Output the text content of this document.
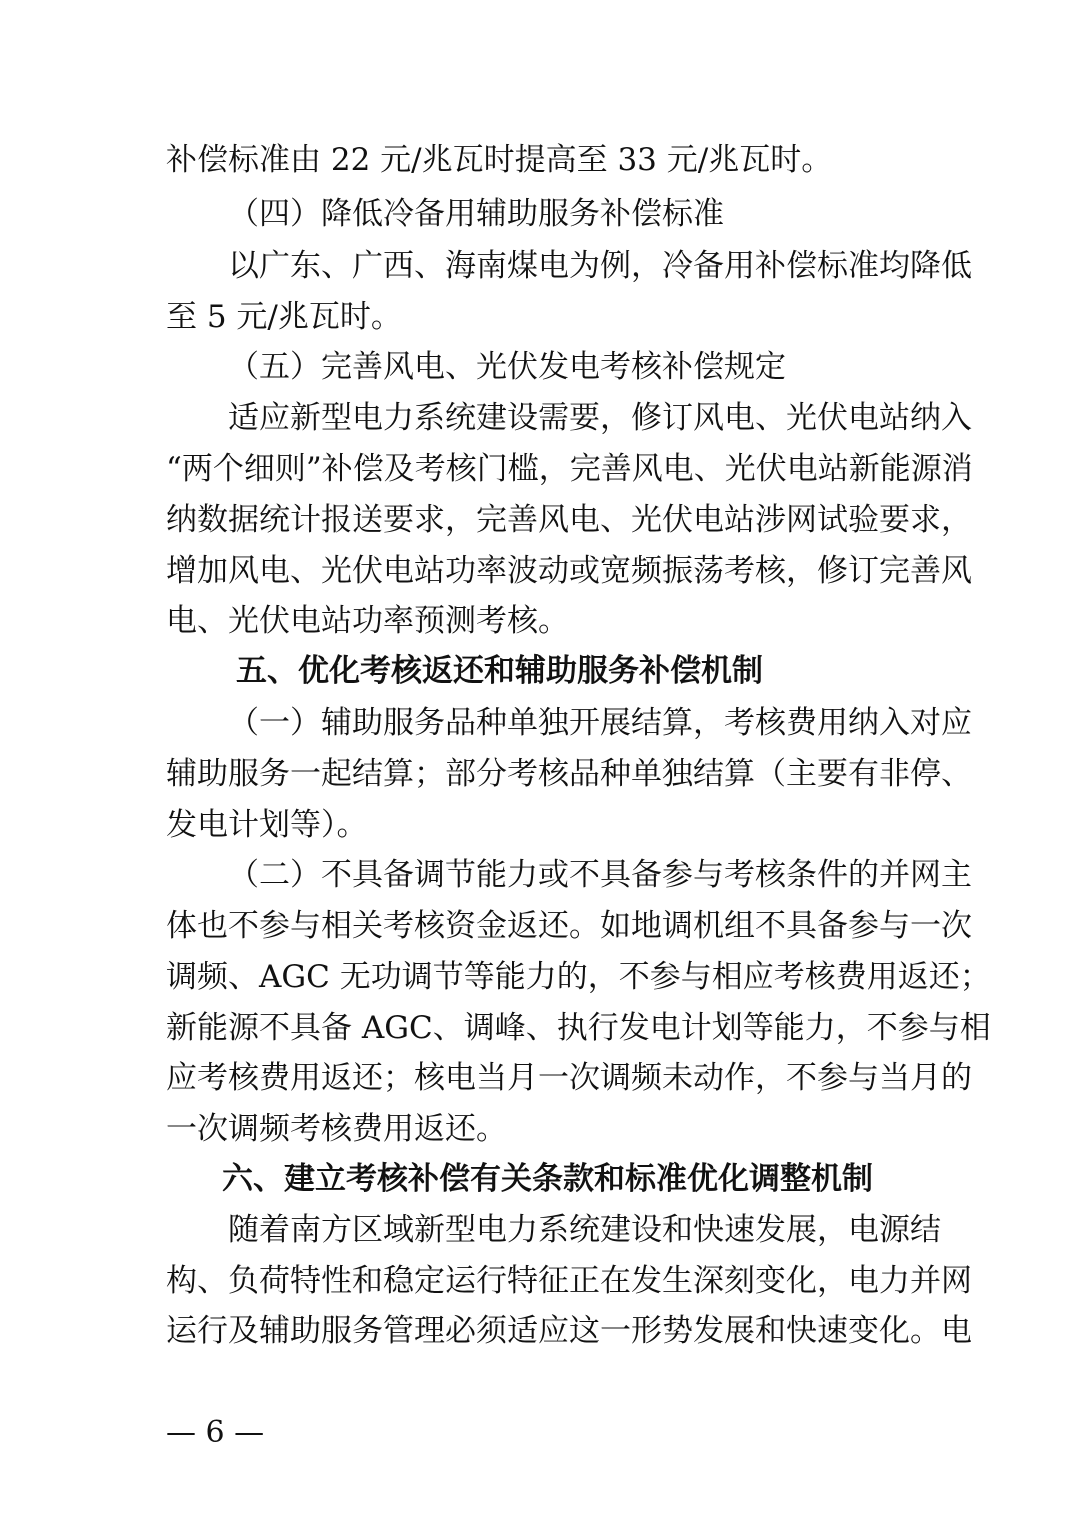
补偿标准由 22 元/兆瓦时提高至 33 元/兆瓦时。
（四）降低冷备用辅助服务补偿标准
以广东、广西、海南煤电为例，冷备用补偿标准均降低
至 5 元/兆瓦时。
（五）完善风电、光伏发电考核补偿规定
适应新型电力系统建设需要，修订风电、光伏电站纳入
“两个细则”补偿及考核门槛，完善风电、光伏电站新能源消
纳数据统计报送要求，完善风电、光伏电站涉网试验要求，
增加风电、光伏电站功率波动或宽频振荡考核，修订完善风
电、光伏电站功率预测考核。
五、优化考核返还和辅助服务补偿机制
（一）辅助服务品种单独开展结算，考核费用纳入对应
辅助服务一起结算；部分考核品种单独结算（主要有非停、
发电计划等）。
（二）不具备调节能力或不具备参与考核条件的并网主
体也不参与相关考核资金返还。如地调机组不具备参与一次
调频、AGC 无功调节等能力的，不参与相应考核费用返还；
新能源不具备 AGC、调峰、执行发电计划等能力，不参与相
应考核费用返还；核电当月一次调频未动作，不参与当月的
一次调频考核费用返还。
六、建立考核补偿有关条款和标准优化调整机制
随着南方区域新型电力系统建设和快速发展，电源结
构、负荷特性和稳定运行特征正在发生深刻变化，电力并网
运行及辅助服务管理必须适应这一形势发展和快速变化。电
— 6 —
